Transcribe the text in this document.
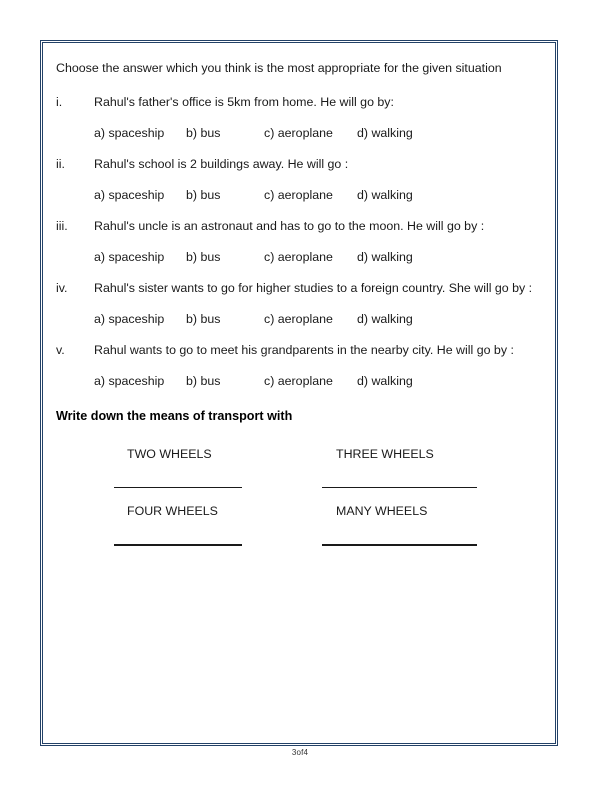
Choose the answer which you think is the most appropriate for the given situation

i.	Rahul's father's office is 5km from home. He will go by:
a) spaceship	b) bus	c) aeroplane	d) walking
ii.	Rahul's school is 2 buildings away. He will go :
a) spaceship	b) bus	c) aeroplane	d) walking
iii.	Rahul's uncle is an astronaut and has to go to the moon. He will go by :
a) spaceship	b) bus	c) aeroplane	d) walking
iv.	Rahul's sister wants to go for higher studies to a foreign country. She will go by :
a) spaceship	b) bus	c) aeroplane	d) walking
v.	Rahul wants to go to meet his grandparents in the nearby city. He will go by :
a) spaceship	b) bus	c) aeroplane	d) walking
Write down the means of transport with
TWO WHEELS	THREE WHEELS
FOUR WHEELS	MANY WHEELS
3of4
